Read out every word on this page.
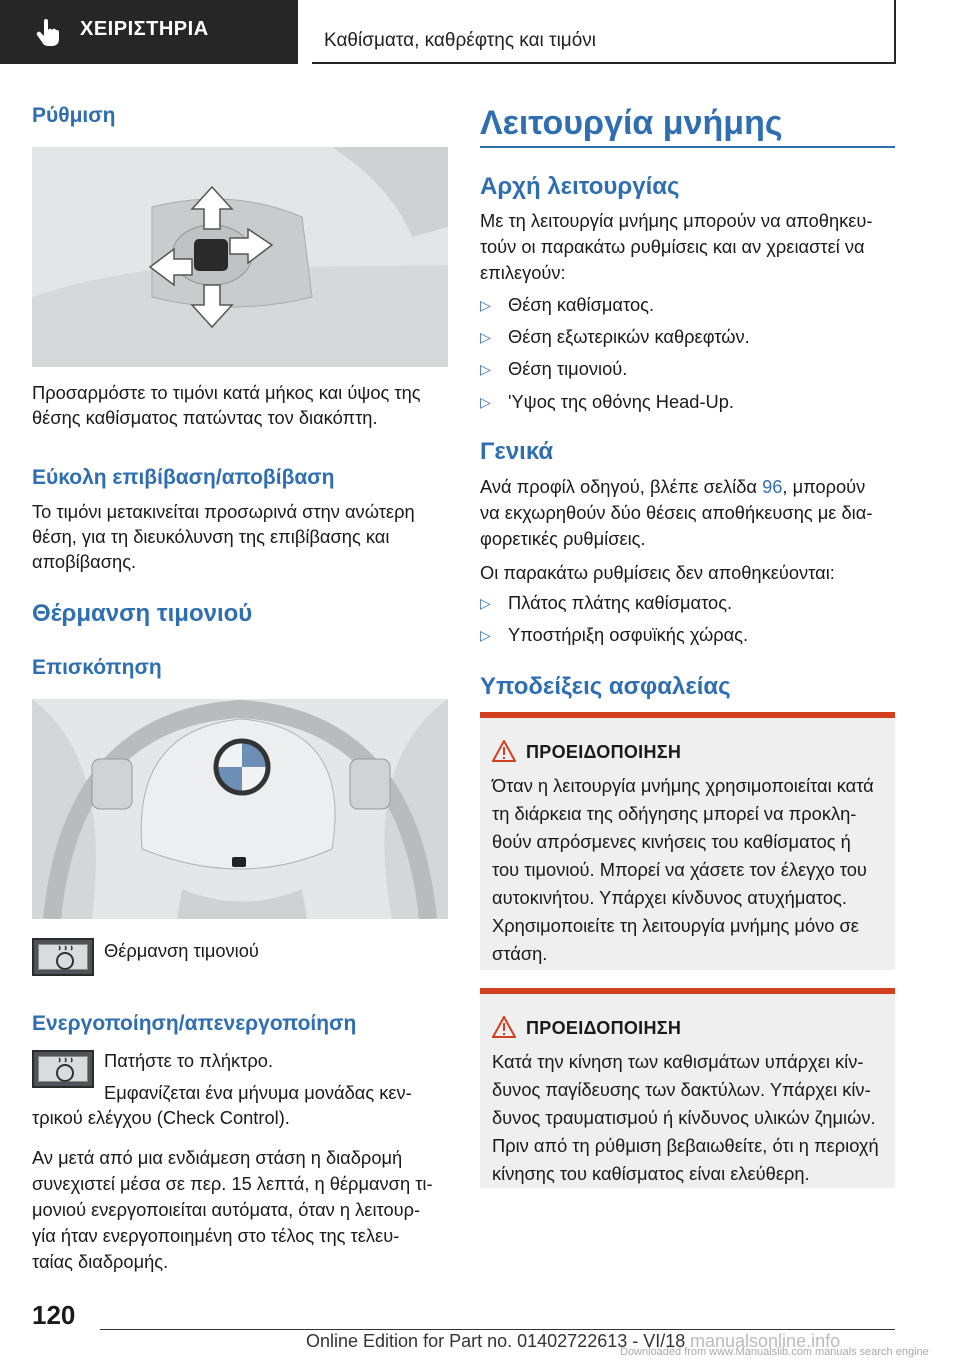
ΧΕΙΡΙΣΤΗΡΙΑ
Καθίσματα, καθρέφτης και τιμόνι
Ρύθμιση
Προσαρμόστε το τιμόνι κατά μήκος και ύψος της
θέσης καθίσματος πατώντας τον διακόπτη.
Εύκολη επιβίβαση/αποβίβαση
Το τιμόνι μετακινείται προσωρινά στην ανώτερη
θέση, για τη διευκόλυνση της επιβίβασης και
αποβίβασης.
Θέρμανση τιμονιού
Επισκόπηση
Θέρμανση τιμονιού
Ενεργοποίηση/απενεργοποίηση
Πατήστε το πλήκτρο.
Εμφανίζεται ένα μήνυμα μονάδας κεν-
τρικού ελέγχου (Check Control).
Αν μετά από μια ενδιάμεση στάση η διαδρομή
συνεχιστεί μέσα σε περ. 15 λεπτά, η θέρμανση τι-
μονιού ενεργοποιείται αυτόματα, όταν η λειτουρ-
γία ήταν ενεργοποιημένη στο τέλος της τελευ-
ταίας διαδρομής.
Λειτουργία μνήμης
Αρχή λειτουργίας
Με τη λειτουργία μνήμης μπορούν να αποθηκευ-
τούν οι παρακάτω ρυθμίσεις και αν χρειαστεί να
επιλεγούν:
▷ Θέση καθίσματος.
▷ Θέση εξωτερικών καθρεφτών.
▷ Θέση τιμονιού.
▷ 'Υψος της οθόνης Head-Up.
Γενικά
Ανά προφίλ οδηγού, βλέπε σελίδα 96, μπορούν
να εκχωρηθούν δύο θέσεις αποθήκευσης με δια-
φορετικές ρυθμίσεις.
Οι παρακάτω ρυθμίσεις δεν αποθηκεύονται:
▷ Πλάτος πλάτης καθίσματος.
▷ Υποστήριξη οσφυϊκής χώρας.
Υποδείξεις ασφαλείας
ΠΡΟΕΙΔΟΠΟΙΗΣΗ
Όταν η λειτουργία μνήμης χρησιμοποιείται κατά
τη διάρκεια της οδήγησης μπορεί να προκλη-
θούν απρόσμενες κινήσεις του καθίσματος ή
του τιμονιού. Μπορεί να χάσετε τον έλεγχο του
αυτοκινήτου. Υπάρχει κίνδυνος ατυχήματος.
Χρησιμοποιείτε τη λειτουργία μνήμης μόνο σε
στάση.
ΠΡΟΕΙΔΟΠΟΙΗΣΗ
Κατά την κίνηση των καθισμάτων υπάρχει κίν-
δυνος παγίδευσης των δακτύλων. Υπάρχει κίν-
δυνος τραυματισμού ή κίνδυνος υλικών ζημιών.
Πριν από τη ρύθμιση βεβαιωθείτε, ότι η περιοχή
κίνησης του καθίσματος είναι ελεύθερη.
120
Online Edition for Part no. 01402722613 - VI/18
Downloaded from www.Manualslib.com manuals search engine
manualsonline.info
